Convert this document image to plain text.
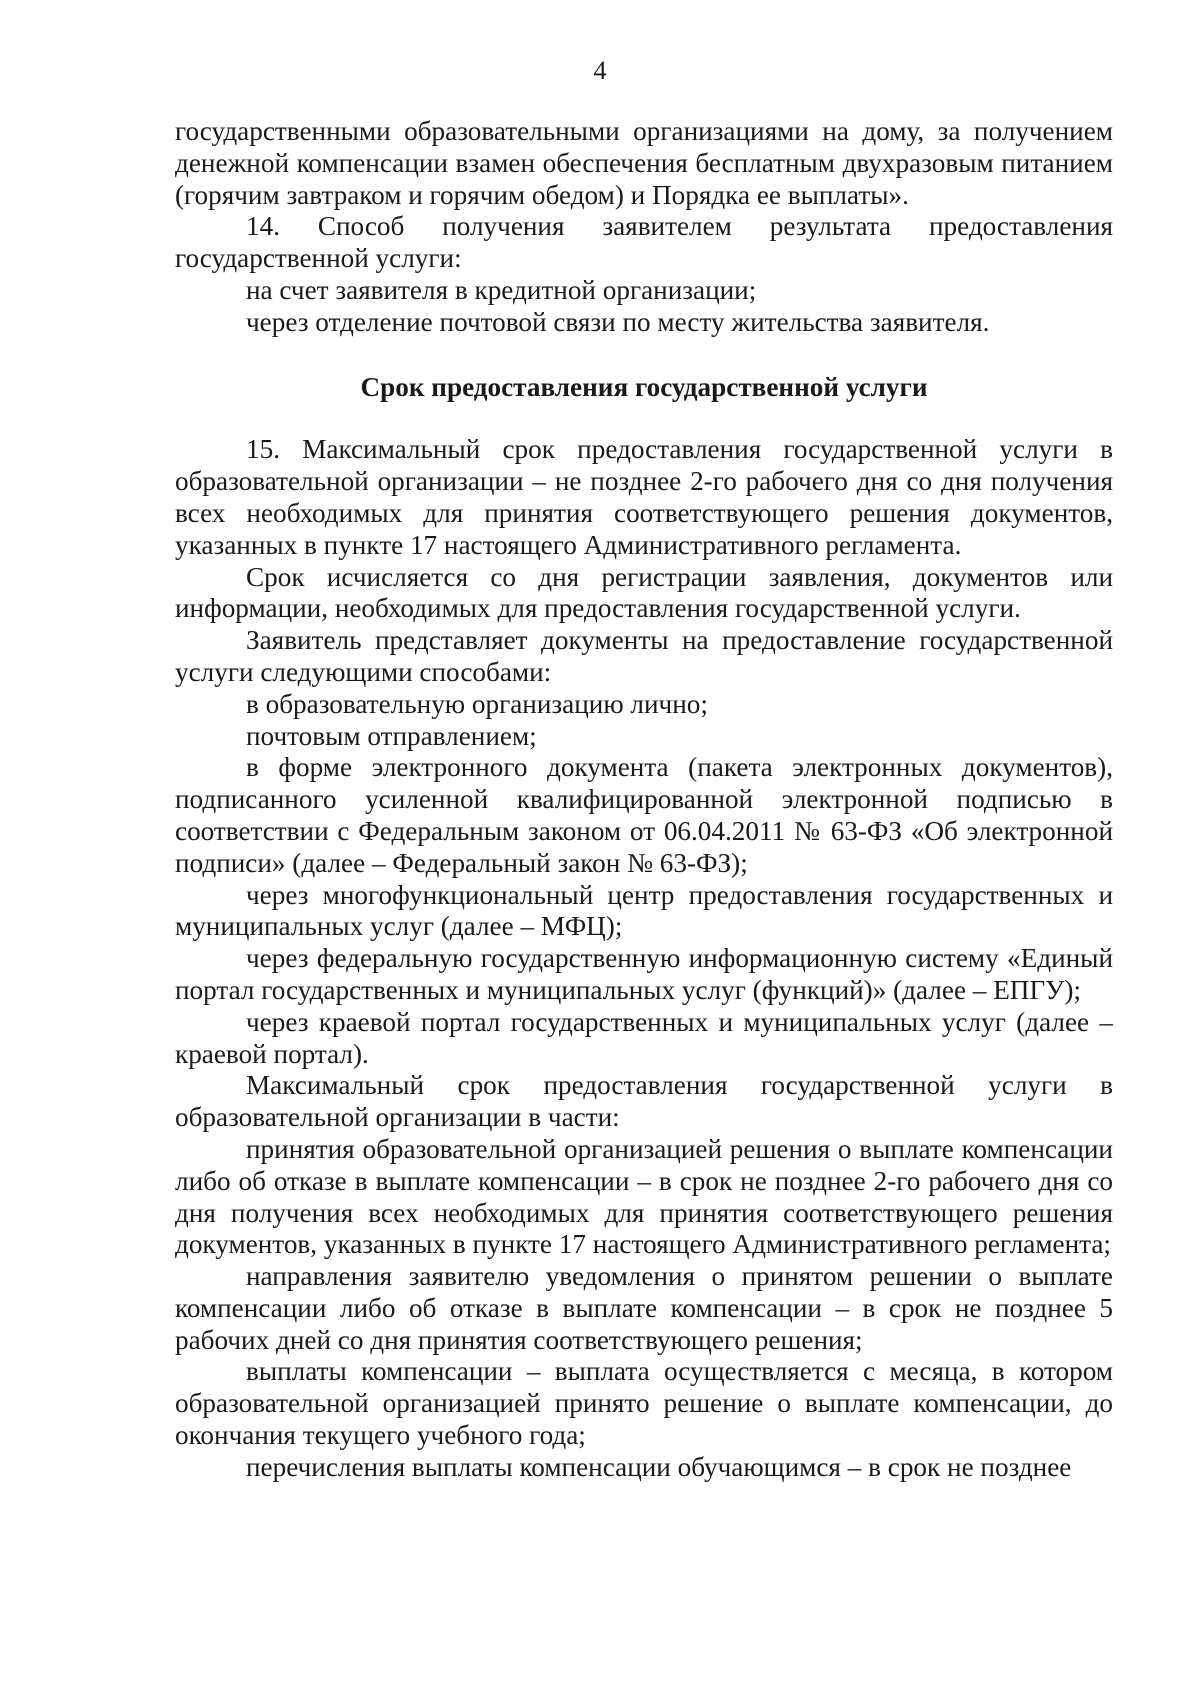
4

государственными образовательными организациями на дому, за получением денежной компенсации взамен обеспечения бесплатным двухразовым питанием (горячим завтраком и горячим обедом) и Порядка ее выплаты».

14. Способ получения заявителем результата предоставления государственной услуги:

на счет заявителя в кредитной организации;

через отделение почтовой связи по месту жительства заявителя.

Срок предоставления государственной услуги

15. Максимальный срок предоставления государственной услуги в образовательной организации – не позднее 2-го рабочего дня со дня получения всех необходимых для принятия соответствующего решения документов, указанных в пункте 17 настоящего Административного регламента.

Срок исчисляется со дня регистрации заявления, документов или информации, необходимых для предоставления государственной услуги.

Заявитель представляет документы на предоставление государственной услуги следующими способами:

в образовательную организацию лично;

почтовым отправлением;

в форме электронного документа (пакета электронных документов), подписанного усиленной квалифицированной электронной подписью в соответствии с Федеральным законом от 06.04.2011 № 63-ФЗ «Об электронной подписи» (далее – Федеральный закон № 63-ФЗ);

через многофункциональный центр предоставления государственных и муниципальных услуг (далее – МФЦ);

через федеральную государственную информационную систему «Единый портал государственных и муниципальных услуг (функций)» (далее – ЕПГУ);

через краевой портал государственных и муниципальных услуг (далее – краевой портал).

Максимальный срок предоставления государственной услуги в образовательной организации в части:

принятия образовательной организацией решения о выплате компенсации либо об отказе в выплате компенсации – в срок не позднее 2-го рабочего дня со дня получения всех необходимых для принятия соответствующего решения документов, указанных в пункте 17 настоящего Административного регламента;

направления заявителю уведомления о принятом решении о выплате компенсации либо об отказе в выплате компенсации – в срок не позднее 5 рабочих дней со дня принятия соответствующего решения;

выплаты компенсации – выплата осуществляется с месяца, в котором образовательной организацией принято решение о выплате компенсации, до окончания текущего учебного года;

перечисления выплаты компенсации обучающимся – в срок не позднее
